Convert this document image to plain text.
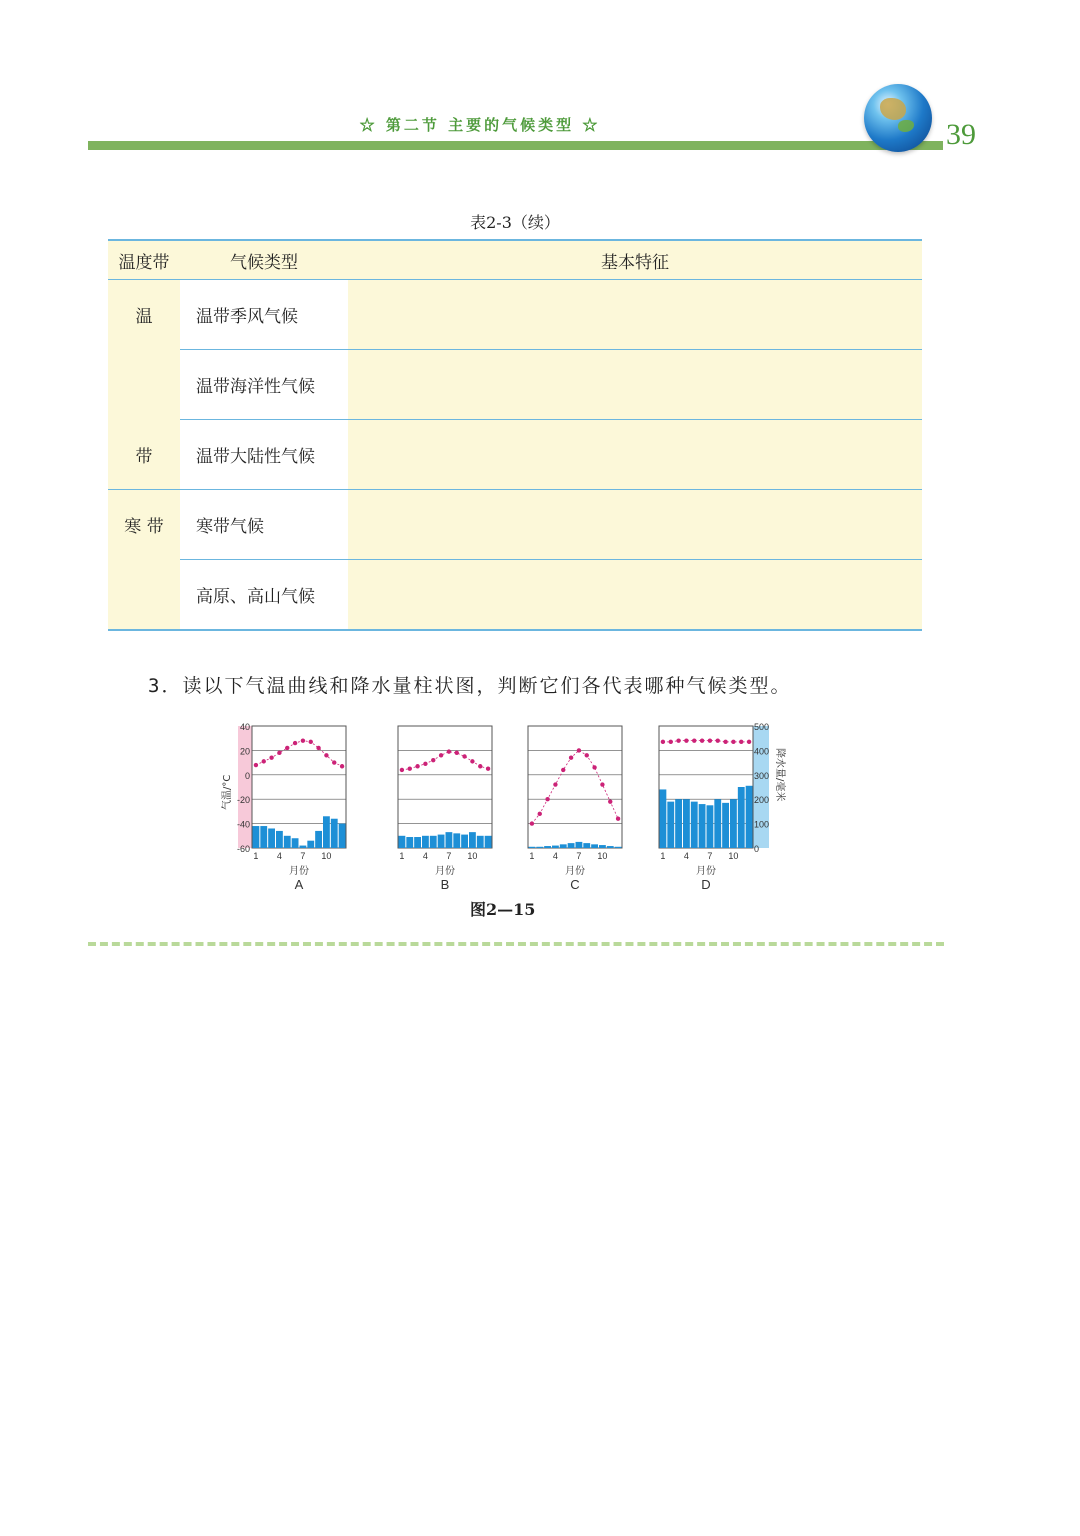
☆ 第二节 主要的气候类型 ☆	39
表2-3（续）
温度带	气候类型	基本特征
温	温带季风气候	
	温带海洋性气候	
带	温带大陆性气候	
寒 带	寒带气候	
	高原、高山气候	
3．读以下气温曲线和降水量柱状图，判断它们各代表哪种气候类型。
40
20
0
-20
-40
-60
气温/°C
500
400
300
200
100
0
降水量/毫米
1 4 7 10
月份
A
1 4 7 10
月份
B
1 4 7 10
月份
C
1 4 7 10
月份
D
图2—15
